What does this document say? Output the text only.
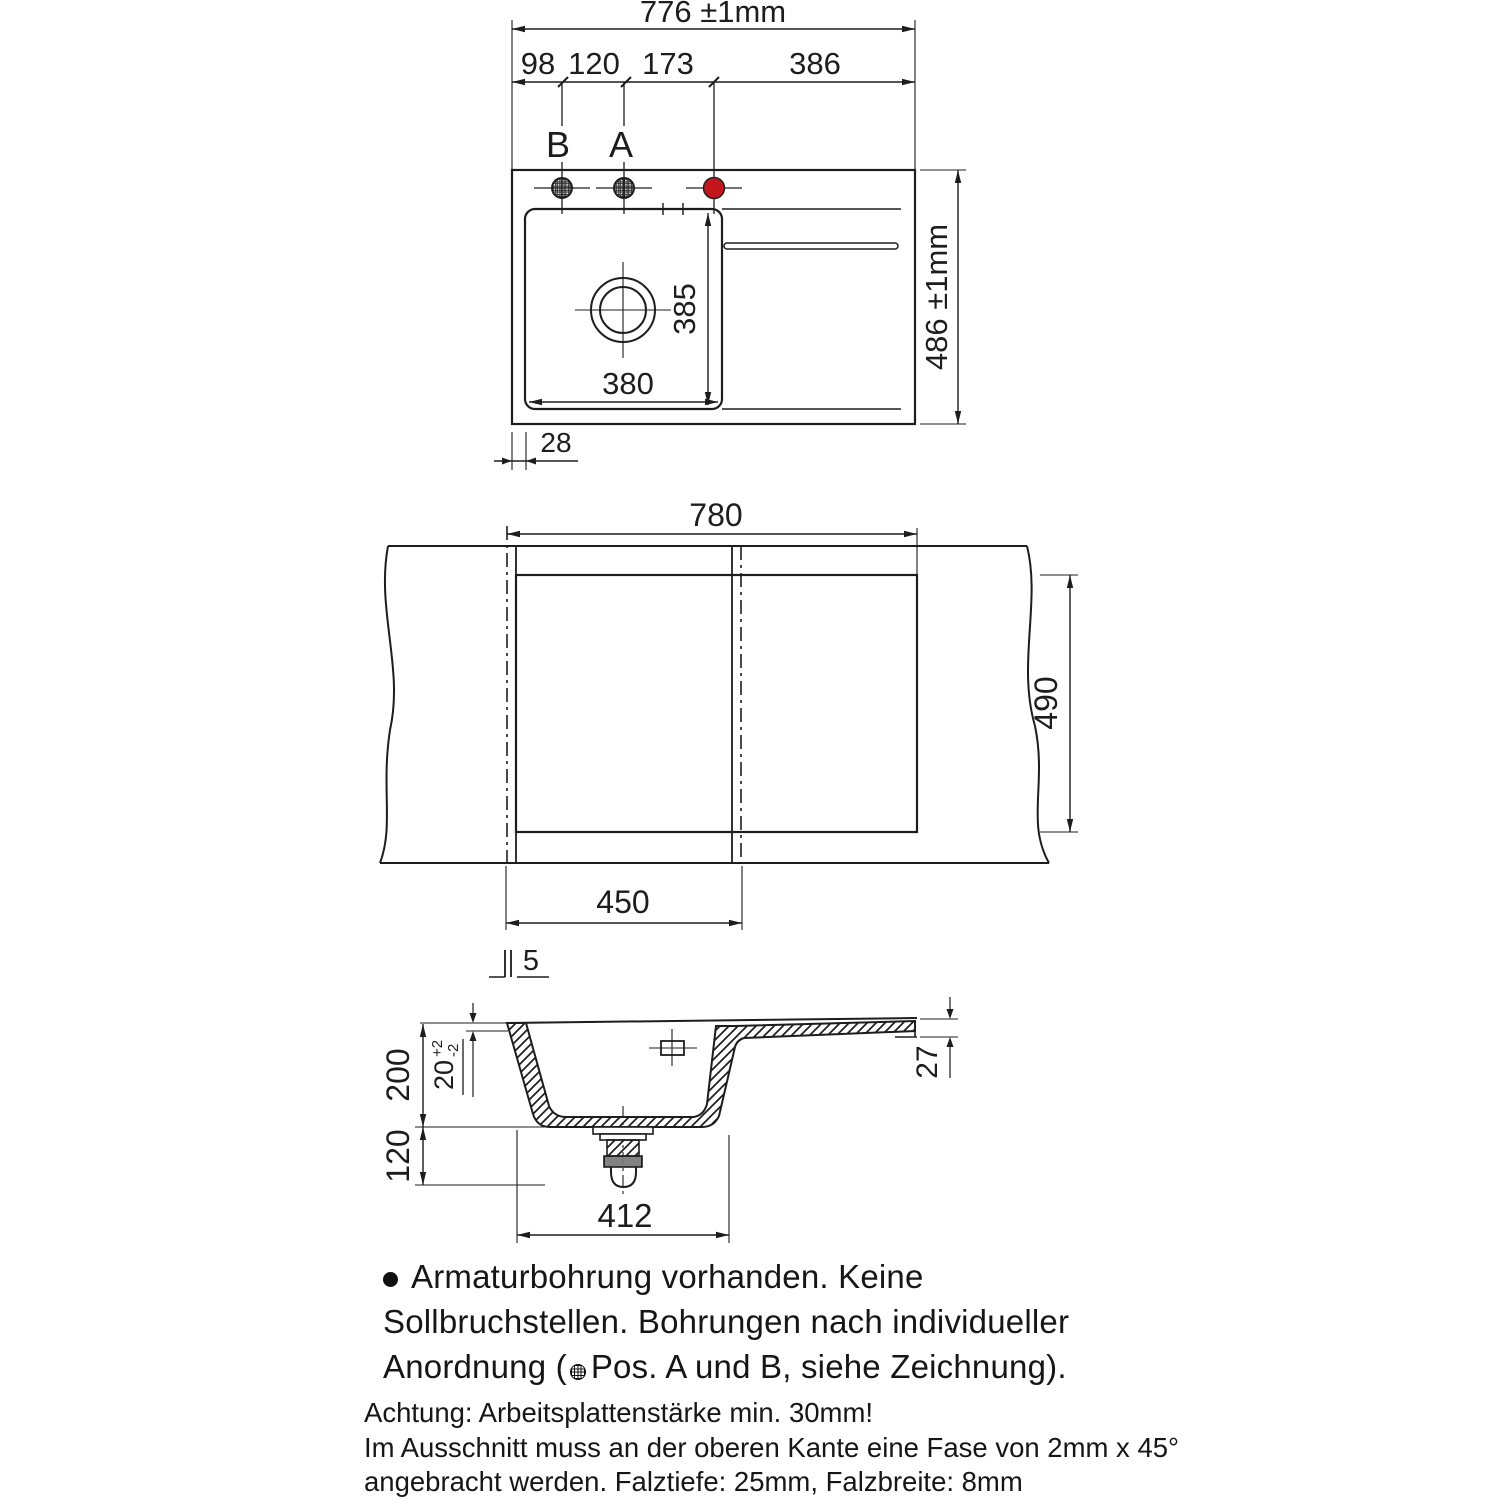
776 ±1mm
98 120 173	386
B A
380
385
28
486 ±1mm
780
490
450
5
200 20
+2 -2
120
412
27
Armaturbohrung vorhanden. Keine
Sollbruchstellen. Bohrungen nach individueller
Anordnung ( Pos. A und B, siehe Zeichnung).
Achtung: Arbeitsplattenstärke min. 30mm!
Im Ausschnitt muss an der oberen Kante eine Fase von 2mm x 45°
angebracht werden. Falztiefe: 25mm, Falzbreite: 8mm
